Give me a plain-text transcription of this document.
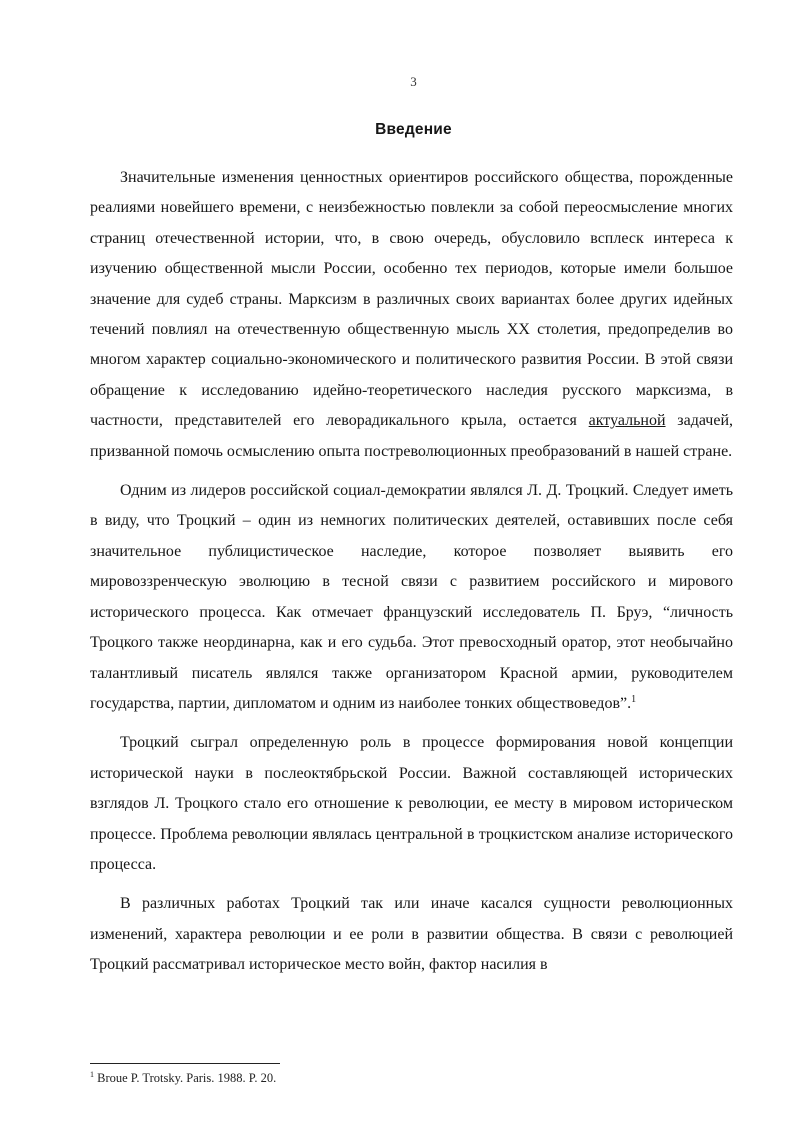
3
Введение

Значительные изменения ценностных ориентиров российского общества, порожденные реалиями новейшего времени, с неизбежностью повлекли за собой переосмысление многих страниц отечественной истории, что, в свою очередь, обусловило всплеск интереса к изучению общественной мысли России, особенно тех периодов, которые имели большое значение для судеб страны. Марксизм в различных своих вариантах более других идейных течений повлиял на отечественную общественную мысль XX столетия, предопределив во многом характер социально-экономического и политического развития России. В этой связи обращение к исследованию идейно-теоретического наследия русского марксизма, в частности, представителей его леворадикального крыла, остается актуальной задачей, призванной помочь осмыслению опыта постреволюционных преобразований в нашей стране.

Одним из лидеров российской социал-демократии являлся Л. Д. Троцкий. Следует иметь в виду, что Троцкий – один из немногих политических деятелей, оставивших после себя значительное публицистическое наследие, которое позволяет выявить его мировоззренческую эволюцию в тесной связи с развитием российского и мирового исторического процесса. Как отмечает французский исследователь П. Бруэ, “личность Троцкого также неординарна, как и его судьба. Этот превосходный оратор, этот необычайно талантливый писатель являлся также организатором Красной армии, руководителем государства, партии, дипломатом и одним из наиболее тонких обществоведов”.$^1$

Троцкий сыграл определенную роль в процессе формирования новой концепции исторической науки в послеоктябрьской России. Важной составляющей исторических взглядов Л. Троцкого стало его отношение к революции, ее месту в мировом историческом процессе. Проблема революции являлась центральной в троцкистском анализе исторического процесса.

В различных работах Троцкий так или иначе касался сущности революционных изменений, характера революции и ее роли в развитии общества. В связи с революцией Троцкий рассматривал историческое место войн, фактор насилия в

$^1$ Broue P. Trotsky. Paris. 1988. P. 20.
